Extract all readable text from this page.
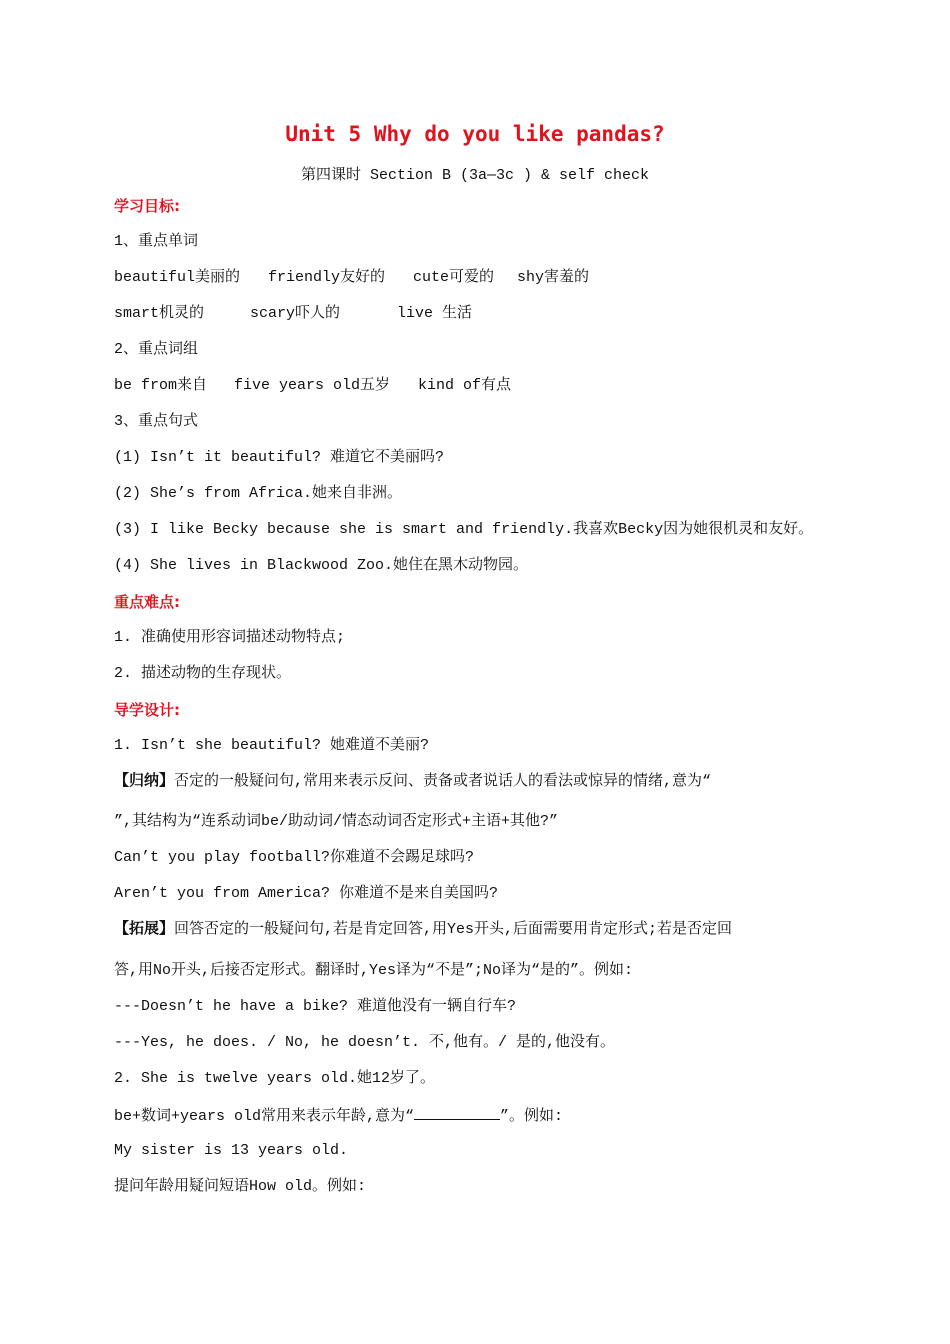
Unit 5 Why do you like pandas?
第四课时 Section B (3a—3c ) & self check
学习目标:
1、重点单词
beautiful美丽的 friendly友好的 cute可爱的 shy害羞的
smart机灵的	scary吓人的	live 生活
2、重点词组
be from来自 five years old五岁 kind of有点
3、重点句式
(1) Isn’t it beautiful? 难道它不美丽吗?
(2) She’s from Africa.她来自非洲。
(3) I like Becky because she is smart and friendly.我喜欢Becky因为她很机灵和友好。
(4) She lives in Blackwood Zoo.她住在黑木动物园。
重点难点:
1. 准确使用形容词描述动物特点;
2. 描述动物的生存现状。
导学设计:
1. Isn’t she beautiful? 她难道不美丽?
【归纳】否定的一般疑问句,常用来表示反问、责备或者说话人的看法或惊异的情绪,意为“
”,其结构为“连系动词be/助动词/情态动词否定形式+主语+其他?”
Can’t you play football?你难道不会踢足球吗?
Aren’t you from America? 你难道不是来自美国吗?
【拓展】回答否定的一般疑问句,若是肯定回答,用Yes开头,后面需要用肯定形式;若是否定回
答,用No开头,后接否定形式。翻译时,Yes译为“不是”;No译为“是的”。例如:
---Doesn’t he have a bike? 难道他没有一辆自行车?
---Yes, he does. / No, he doesn’t. 不,他有。/ 是的,他没有。
2. She is twelve years old.她12岁了。
be+数词+years old常用来表示年龄,意为“	”。例如:
My sister is 13 years old.
提问年龄用疑问短语How old。例如:
